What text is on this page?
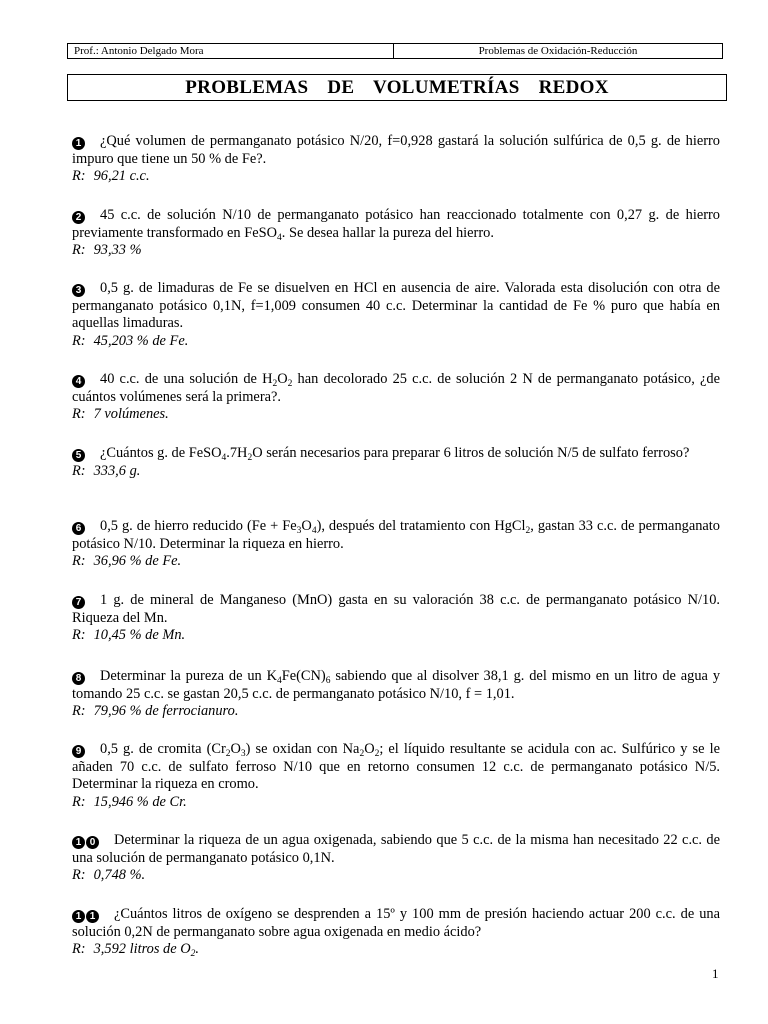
Prof.: Antonio Delgado Mora	Problemas de Oxidación-Reducción
PROBLEMAS DE VOLUMETRÍAS REDOX
1 ¿Qué volumen de permanganato potásico N/20, f=0,928 gastará la solución sulfúrica de 0,5 g. de hierro impuro que tiene un 50 % de Fe?.
R: 96,21 c.c.
2 45 c.c. de solución N/10 de permanganato potásico han reaccionado totalmente con 0,27 g. de hierro previamente transformado en FeSO$_4$. Se desea hallar la pureza del hierro.
R: 93,33 %
3 0,5 g. de limaduras de Fe se disuelven en HCl en ausencia de aire. Valorada esta disolución con otra de permanganato potásico 0,1N, f=1,009 consumen 40 c.c. Determinar la cantidad de Fe % puro que había en aquellas limaduras.
R: 45,203 % de Fe.
4 40 c.c. de una solución de $H_2O_2$ han decolorado 25 c.c. de solución 2 N de permanganato potásico, ¿de cuántos volúmenes será la primera?.
R: 7 volúmenes.
5 ¿Cuántos g. de $FeSO_4.7H_2O$ serán necesarios para preparar 6 litros de solución N/5 de sulfato ferroso?
R: 333,6 g.
6 0,5 g. de hierro reducido $(Fe + Fe_3O_4)$, después del tratamiento con HgCl$_2$, gastan 33 c.c. de permanganato potásico N/10. Determinar la riqueza en hierro.
R: 36,96 % de Fe.
7 1 g. de mineral de Manganeso (MnO) gasta en su valoración 38 c.c. de permanganato potásico N/10. Riqueza del Mn.
R: 10,45 % de Mn.
8 Determinar la pureza de un $K_4Fe(CN)_6$ sabiendo que al disolver 38,1 g. del mismo en un litro de agua y tomando 25 c.c. se gastan 20,5 c.c. de permanganato potásico N/10, f = 1,01.
R: 79,96 % de ferrocianuro.
9 0,5 g. de cromita $(Cr_2O_3)$ se oxidan con $Na_2O_2$; el líquido resultante se acidula con ac. Sulfúrico y se le añaden 70 c.c. de sulfato ferroso N/10 que en retorno consumen 12 c.c. de permanganato potásico N/5. Determinar la riqueza en cromo.
R: 15,946 % de Cr.
1 0 Determinar la riqueza de un agua oxigenada, sabiendo que 5 c.c. de la misma han necesitado 22 c.c. de una solución de permanganato potásico 0,1N.
R: 0,748 %.
1 1 ¿Cuántos litros de oxígeno se desprenden a 15º y 100 mm de presión haciendo actuar 200 c.c. de una solución 0,2N de permanganato sobre agua oxigenada en medio ácido?
R: 3,592 litros de $O_2$.
1
